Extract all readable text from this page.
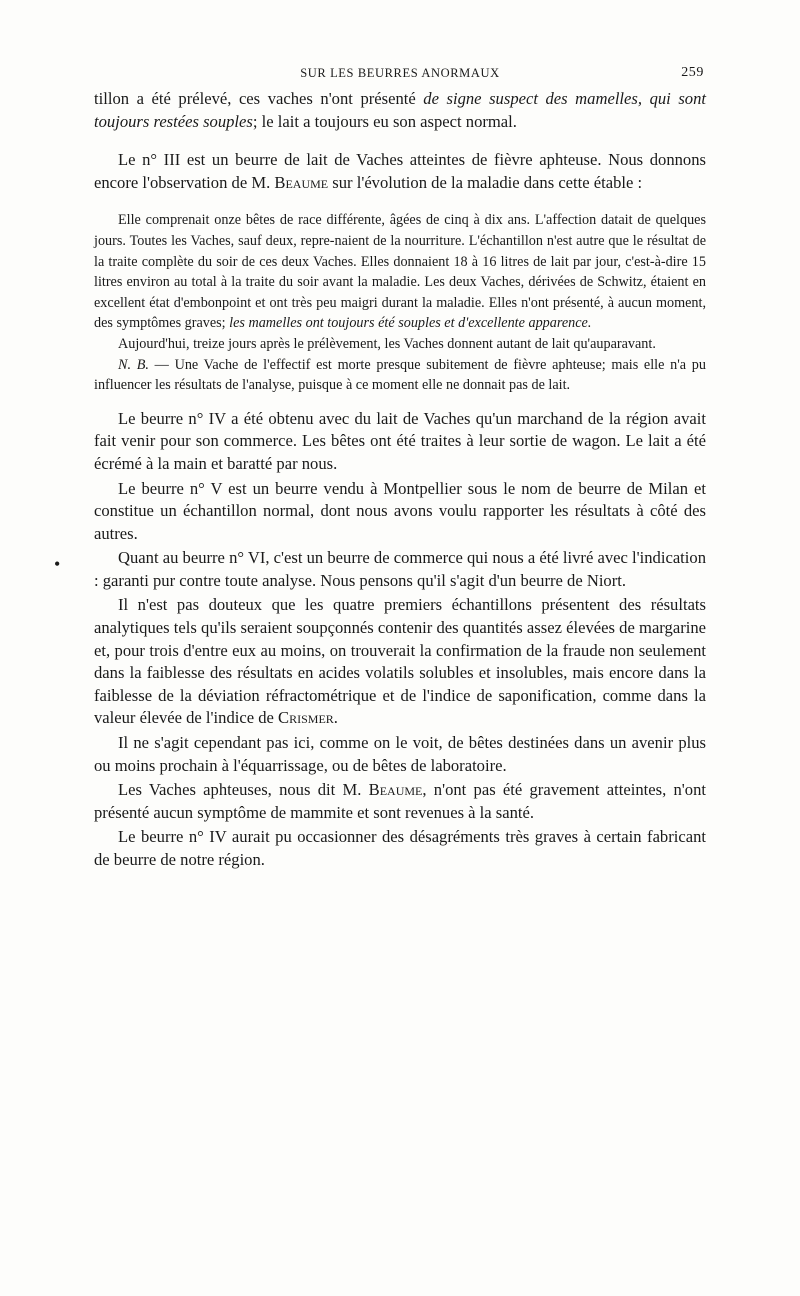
SUR LES BEURRES ANORMAUX	259

tillon a été prélevé, ces vaches n'ont présenté de signe suspect des mamelles, qui sont toujours restées souples; le lait a toujours eu son aspect normal.

Le n° III est un beurre de lait de Vaches atteintes de fièvre aphteuse. Nous donnons encore l'observation de M. Beaume sur l'évolution de la maladie dans cette étable :

•

Elle comprenait onze bêtes de race différente, âgées de cinq à dix ans. L'affection datait de quelques jours. Toutes les Vaches, sauf deux, repre-naient de la nourriture. L'échantillon n'est autre que le résultat de la traite complète du soir de ces deux Vaches. Elles donnaient 18 à 16 litres de lait par jour, c'est-à-dire 15 litres environ au total à la traite du soir avant la maladie. Les deux Vaches, dérivées de Schwitz, étaient en excellent état d'embonpoint et ont très peu maigri durant la maladie. Elles n'ont présenté, à aucun moment, des symptômes graves; les mamelles ont toujours été souples et d'excellente apparence.

Aujourd'hui, treize jours après le prélèvement, les Vaches donnent autant de lait qu'auparavant.

N. B. — Une Vache de l'effectif est morte presque subitement de fièvre aphteuse; mais elle n'a pu influencer les résultats de l'analyse, puisque à ce moment elle ne donnait pas de lait.

Le beurre n° IV a été obtenu avec du lait de Vaches qu'un marchand de la région avait fait venir pour son commerce. Les bêtes ont été traites à leur sortie de wagon. Le lait a été écrémé à la main et baratté par nous.

Le beurre n° V est un beurre vendu à Montpellier sous le nom de beurre de Milan et constitue un échantillon normal, dont nous avons voulu rapporter les résultats à côté des autres.

Quant au beurre n° VI, c'est un beurre de commerce qui nous a été livré avec l'indication : garanti pur contre toute analyse. Nous pensons qu'il s'agit d'un beurre de Niort.

Il n'est pas douteux que les quatre premiers échantillons présentent des résultats analytiques tels qu'ils seraient soupçonnés contenir des quantités assez élevées de margarine et, pour trois d'entre eux au moins, on trouverait la confirmation de la fraude non seulement dans la faiblesse des résultats en acides volatils solubles et insolubles, mais encore dans la faiblesse de la déviation réfractométrique et de l'indice de saponification, comme dans la valeur élevée de l'indice de Crismer.

Il ne s'agit cependant pas ici, comme on le voit, de bêtes destinées dans un avenir plus ou moins prochain à l'équarrissage, ou de bêtes de laboratoire.

Les Vaches aphteuses, nous dit M. Beaume, n'ont pas été gravement atteintes, n'ont présenté aucun symptôme de mammite et sont revenues à la santé.

Le beurre n° IV aurait pu occasionner des désagréments très graves à certain fabricant de beurre de notre région.
